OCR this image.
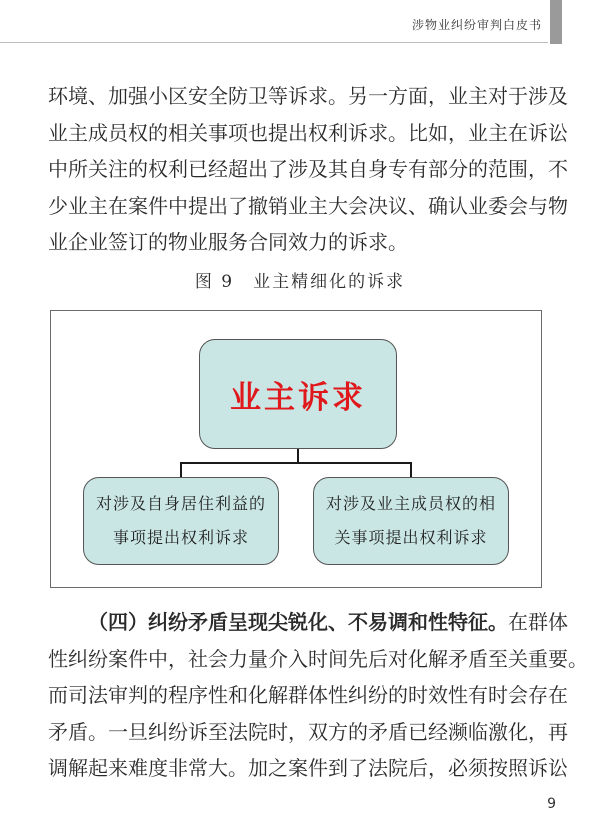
涉物业纠纷审判白皮书

环境、加强小区安全防卫等诉求。另一方面，业主对于涉及
业主成员权的相关事项也提出权利诉求。比如，业主在诉讼
中所关注的权利已经超出了涉及其自身专有部分的范围，不
少业主在案件中提出了撤销业主大会决议、确认业委会与物
业企业签订的物业服务合同效力的诉求。

图 9　业主精细化的诉求
业主诉求
对涉及自身居住利益的
事项提出权利诉求
对涉及业主成员权的相
关事项提出权利诉求

（四）纠纷矛盾呈现尖锐化、不易调和性特征。在群体
性纠纷案件中，社会力量介入时间先后对化解矛盾至关重要。
而司法审判的程序性和化解群体性纠纷的时效性有时会存在
矛盾。一旦纠纷诉至法院时，双方的矛盾已经濒临激化，再
调解起来难度非常大。加之案件到了法院后，必须按照诉讼

9
